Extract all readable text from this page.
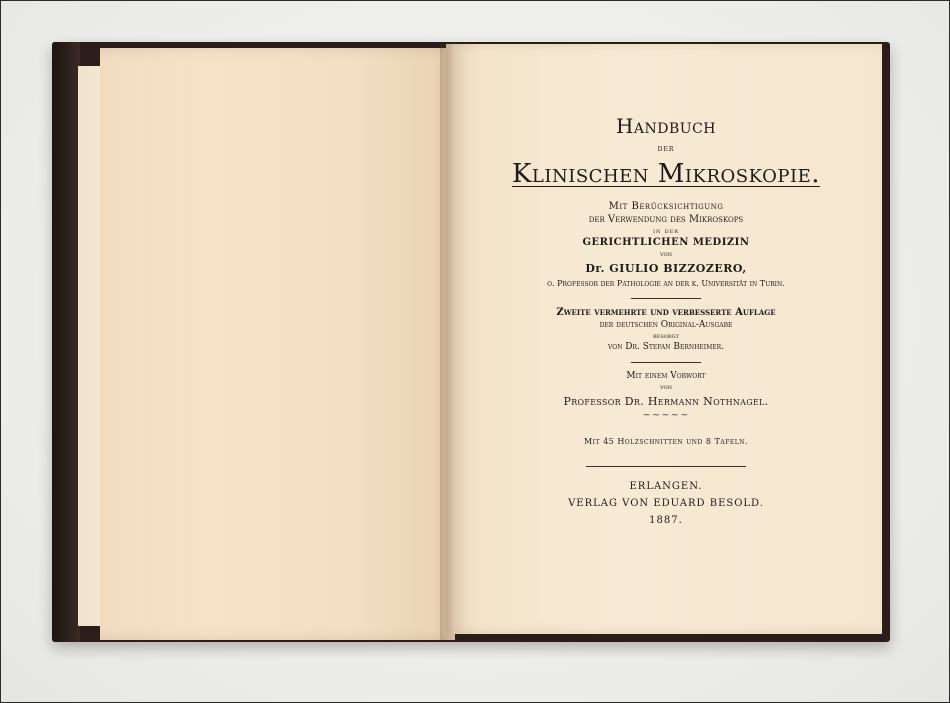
Handbuch
der
Klinischen Mikroskopie.
Mit Berücksichtigung
der Verwendung des Mikroskops
in der
GERICHTLICHEN MEDIZIN
von
Dr. GIULIO BIZZOZERO,
o. Professor der Pathologie an der k. Universität in Turin.
Zweite vermehrte und verbesserte Auflage
der deutschen Original-Ausgabe
besorgt
von Dr. Stefan Bernheimer.
Mit einem Vorwort
von
Professor Dr. Hermann Nothnagel.
~~~~~
Mit 45 Holzschnitten und 8 Tafeln.
ERLANGEN.
VERLAG VON EDUARD BESOLD.
1887.
